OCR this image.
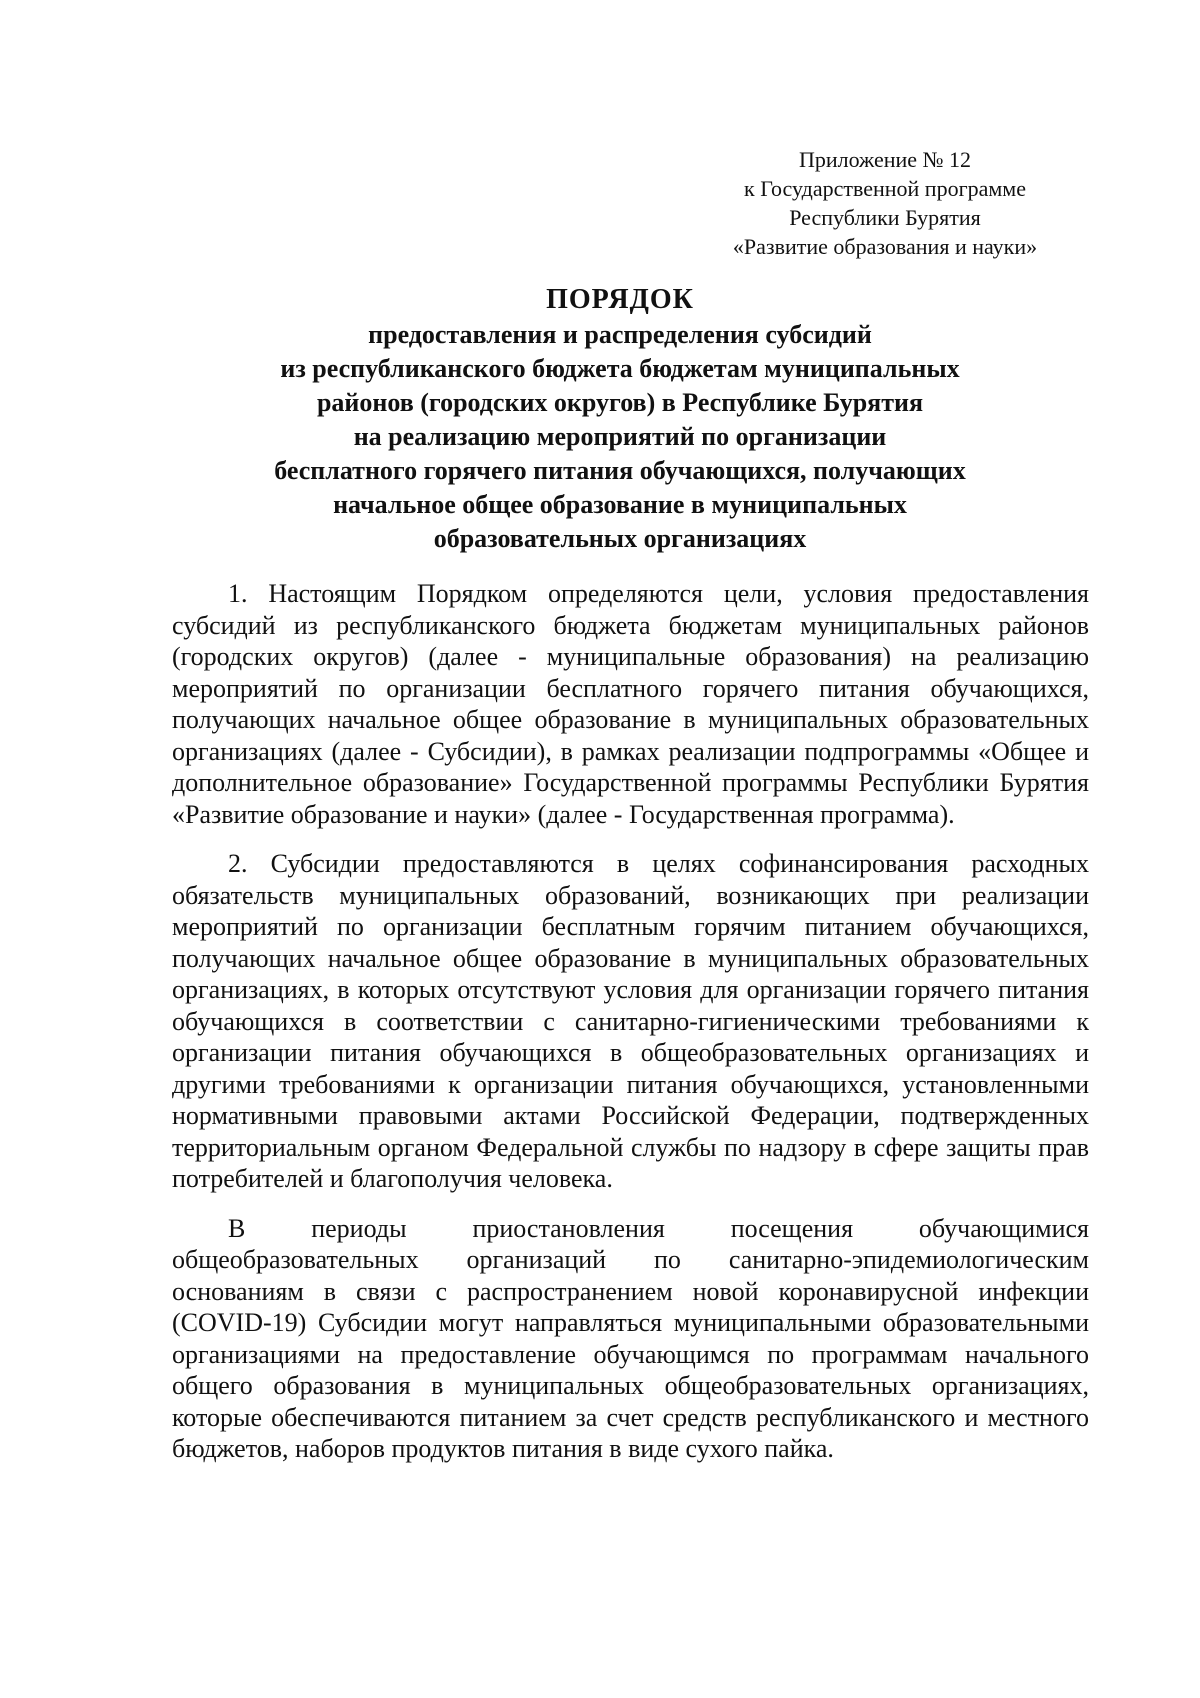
Приложение № 12
к Государственной программе
Республики Бурятия
«Развитие образования и науки»
ПОРЯДОК
предоставления и распределения субсидий
из республиканского бюджета бюджетам муниципальных
районов (городских округов) в Республике Бурятия
на реализацию мероприятий по организации
бесплатного горячего питания обучающихся, получающих
начальное общее образование в муниципальных
образовательных организациях

1. Настоящим Порядком определяются цели, условия предоставления субсидий из республиканского бюджета бюджетам муниципальных районов (городских округов) (далее - муниципальные образования) на реализацию мероприятий по организации бесплатного горячего питания обучающихся, получающих начальное общее образование в муниципальных образовательных организациях (далее - Субсидии), в рамках реализации подпрограммы «Общее и дополнительное образование» Государственной программы Республики Бурятия «Развитие образование и науки» (далее - Государственная программа).

2. Субсидии предоставляются в целях софинансирования расходных обязательств муниципальных образований, возникающих при реализации мероприятий по организации бесплатным горячим питанием обучающихся, получающих начальное общее образование в муниципальных образовательных организациях, в которых отсутствуют условия для организации горячего питания обучающихся в соответствии с санитарно-гигиеническими требованиями к организации питания обучающихся в общеобразовательных организациях и другими требованиями к организации питания обучающихся, установленными нормативными правовыми актами Российской Федерации, подтвержденных территориальным органом Федеральной службы по надзору в сфере защиты прав потребителей и благополучия человека.

В периоды приостановления посещения обучающимися общеобразовательных организаций по санитарно-эпидемиологическим основаниям в связи с распространением новой коронавирусной инфекции (COVID-19) Субсидии могут направляться муниципальными образовательными организациями на предоставление обучающимся по программам начального общего образования в муниципальных общеобразовательных организациях, которые обеспечиваются питанием за счет средств республиканского и местного бюджетов, наборов продуктов питания в виде сухого пайка.
